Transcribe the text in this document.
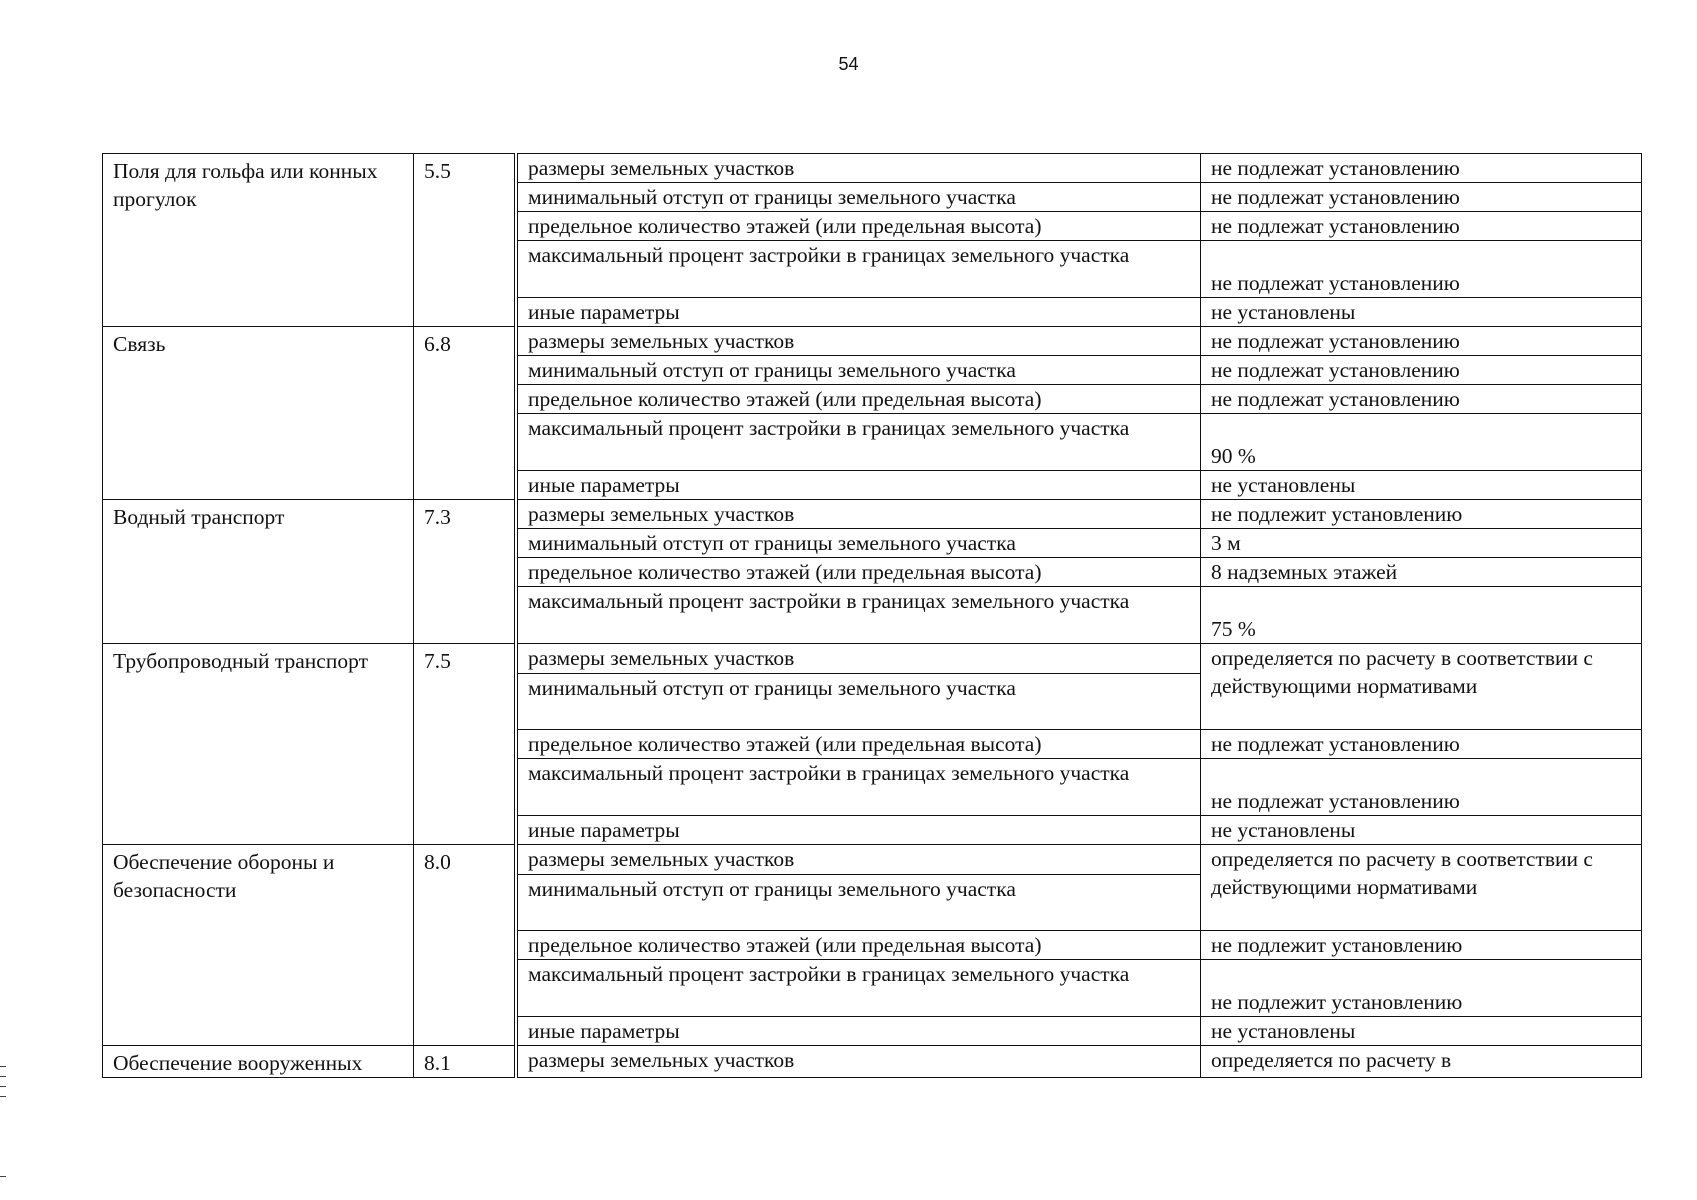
54
Поля для гольфа или конных прогулок	5.5		размеры земельных участков	не подлежат установлению
			минимальный отступ от границы земельного участка	не подлежат установлению
			предельное количество этажей (или предельная высота)	не подлежат установлению
			максимальный процент застройки в границах земельного участка	не подлежат установлению
			иные параметры	не установлены
Связь	6.8		размеры земельных участков	не подлежат установлению
			минимальный отступ от границы земельного участка	не подлежат установлению
			предельное количество этажей (или предельная высота)	не подлежат установлению
			максимальный процент застройки в границах земельного участка	90 %
			иные параметры	не установлены
Водный транспорт	7.3		размеры земельных участков	не подлежит установлению
			минимальный отступ от границы земельного участка	3 м
			предельное количество этажей (или предельная высота)	8 надземных этажей
			максимальный процент застройки в границах земельного участка	75 %
Трубопроводный транспорт	7.5		размеры земельных участков	определяется по расчету в соответствии с действующими нормативами
			минимальный отступ от границы земельного участка	
			предельное количество этажей (или предельная высота)	не подлежат установлению
			максимальный процент застройки в границах земельного участка	не подлежат установлению
			иные параметры	не установлены
Обеспечение обороны и безопасности	8.0		размеры земельных участков	определяется по расчету в соответствии с действующими нормативами
			минимальный отступ от границы земельного участка	
			предельное количество этажей (или предельная высота)	не подлежит установлению
			максимальный процент застройки в границах земельного участка	не подлежит установлению
			иные параметры	не установлены
Обеспечение вооруженных	8.1		размеры земельных участков	определяется по расчету в
